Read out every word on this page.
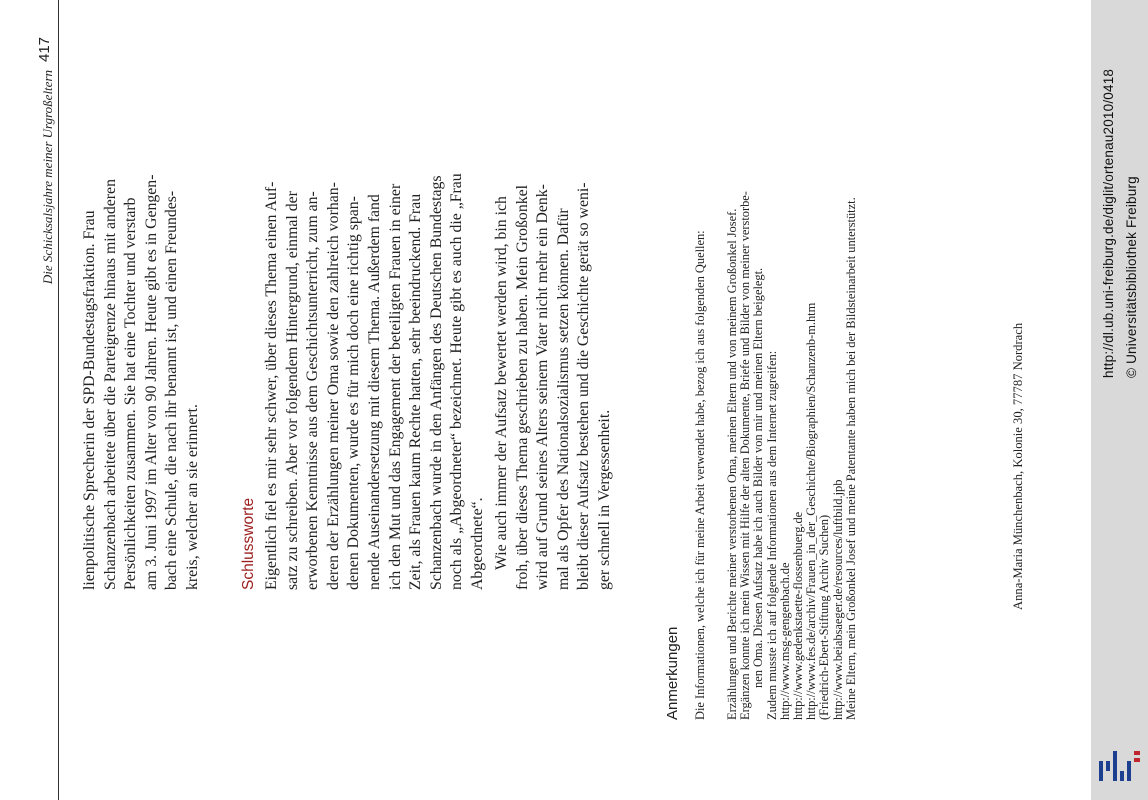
Die Schicksalsjahre meiner Urgroßeltern
417

lienpolitische Sprecherin der SPD-Bundestagsfraktion. Frau Schanzenbach arbeitete über die Parteigrenze hinaus mit anderen Persönlichkeiten zusammen. Sie hat eine Tochter und verstarb am 3. Juni 1997 im Alter von 90 Jahren. Heute gibt es in Gengen- bach eine Schule, die nach ihr benannt ist, und einen Freundes- kreis, welcher an sie erinnert.	Schlussworte Eigentlich fiel es mir sehr schwer, über dieses Thema einen Auf- satz zu schreiben. Aber vor folgendem Hintergrund, einmal der erworbenen Kenntnisse aus dem Geschichtsunterricht, zum an- deren der Erzählungen meiner Oma sowie den zahlreich vorhan- denen Dokumenten, wurde es für mich doch eine richtig span- nende Auseinandersetzung mit diesem Thema. Außerdem fand ich den Mut und das Engagement der beteiligten Frauen in einer Zeit, als Frauen kaum Rechte hatten, sehr beeindruckend. Frau Schanzenbach wurde in den Anfängen des Deutschen Bundestags noch als „Abgeordneter“ bezeichnet. Heute gibt es auch die „Frau Abgeordnete“. Wie auch immer der Aufsatz bewertet werden wird, bin ich froh, über dieses Thema geschrieben zu haben. Mein Großonkel wird auf Grund seines Alters seinem Vater nicht mehr ein Denk- mal als Opfer des Nationalsozialismus setzen können. Dafür bleibt dieser Aufsatz bestehen und die Geschichte gerät so weni- ger schnell in Vergessenheit.

Anmerkungen Die Informationen, welche ich für meine Arbeit verwendet habe, bezog ich aus folgenden Quellen: Erzählungen und Berichte meiner verstorbenen Oma, meinen Eltern und von meinem Großonkel Josef. Ergänzen konnte ich mein Wissen mit Hilfe der alten Dokumente, Briefe und Bilder von meiner verstorbe- nen Oma. Diesen Aufsatz habe ich auch Bilder von mir und meinen Eltern beigelegt. Zudem musste ich auf folgende Informationen aus dem Internet zugreifen: http://www.msg-gengenbach.de http://www.gedenkstaette-flossenbuerg.de http://www.fes.de/archiv/Frauen_in_der_Geschichte/Biographien/Schanzenb-m.htm (Friedrich-Ebert-Stiftung Archiv Suchen) http://www.beiabsaeger.de/resources/luftbild.jpb Meine Eltern, mein Großonkel Josef und meine Patentante haben mich bei der Bildsteinarbeit unterstützt.	Anna-Maria Münchenbach, Kolonie 30, 77787 Nordrach
http://dl.ub.uni-freiburg.de/diglit/ortenau2010/0418 © Universitätsbibliothek Freiburg
